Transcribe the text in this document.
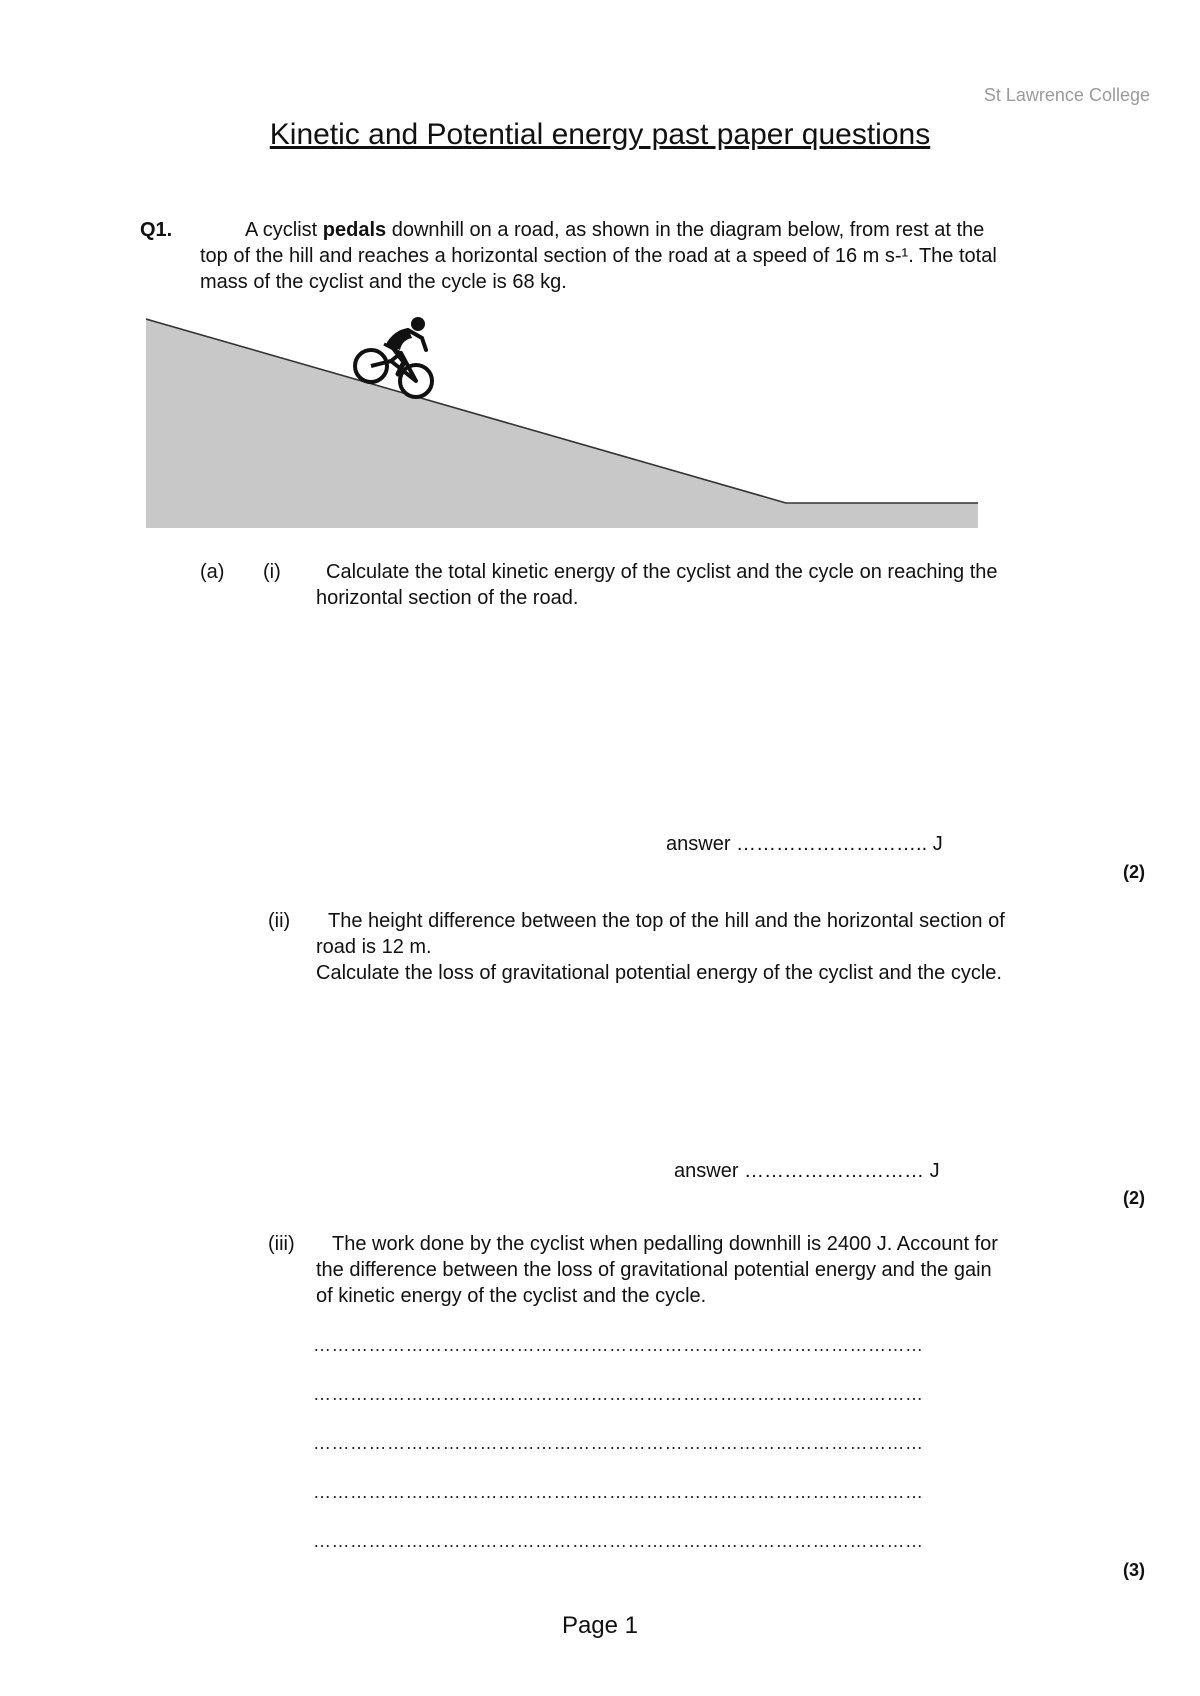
St Lawrence College
Kinetic and Potential energy past paper questions
Q1.	A cyclist pedals downhill on a road, as shown in the diagram below, from rest at the
top of the hill and reaches a horizontal section of the road at a speed of 16 m s-¹. The total
mass of the cyclist and the cycle is 68 kg.
(a) (i)	Calculate the total kinetic energy of the cyclist and the cycle on reaching the
horizontal section of the road.
answer ……………………….. J
(2)
(ii)	The height difference between the top of the hill and the horizontal section of
road is 12 m.
Calculate the loss of gravitational potential energy of the cyclist and the cycle.
answer ……………………… J
(2)
(iii)	The work done by the cyclist when pedalling downhill is 2400 J. Account for
the difference between the loss of gravitational potential energy and the gain
of kinetic energy of the cyclist and the cycle.
………………………………………………………………………………………
………………………………………………………………………………………
………………………………………………………………………………………
………………………………………………………………………………………
………………………………………………………………………………………
(3)
Page 1
